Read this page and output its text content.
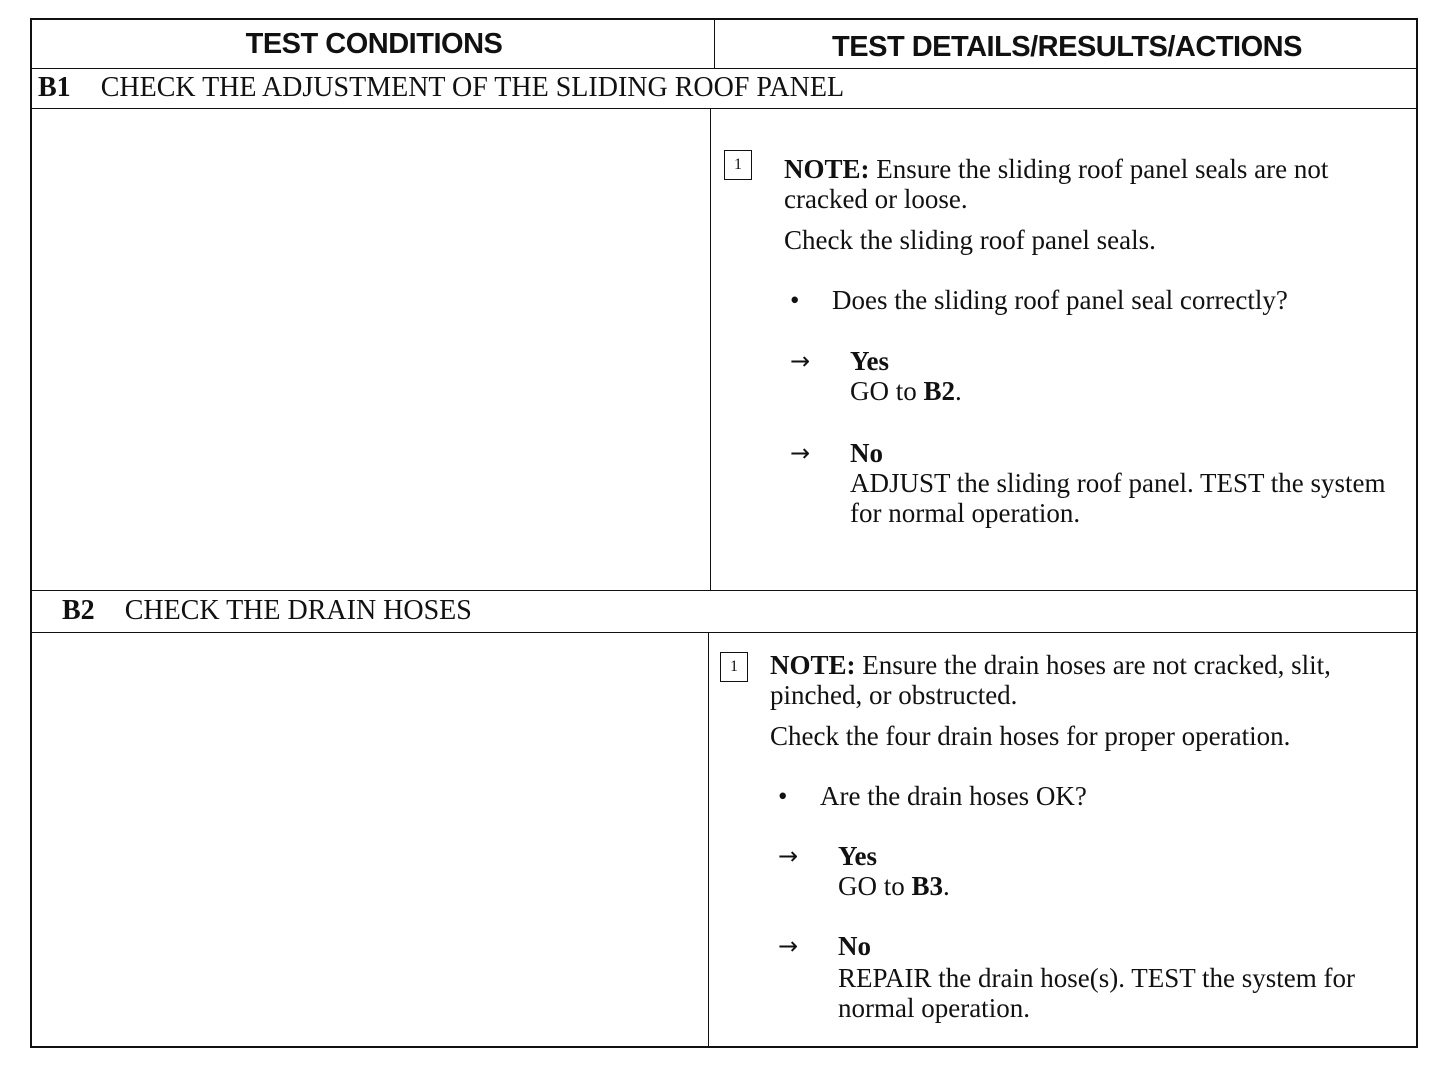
TEST CONDITIONS	TEST DETAILS/RESULTS/ACTIONS
B1 CHECK THE ADJUSTMENT OF THE SLIDING ROOF PANEL
1	NOTE: Ensure the sliding roof panel seals are not cracked or loose.
Check the sliding roof panel seals.
• Does the sliding roof panel seal correctly?
→ Yes
GO to B2.
→ No
ADJUST the sliding roof panel. TEST the system for normal operation.
B2 CHECK THE DRAIN HOSES
1	NOTE: Ensure the drain hoses are not cracked, slit, pinched, or obstructed.
Check the four drain hoses for proper operation.
• Are the drain hoses OK?
→ Yes
GO to B3.
→ No
REPAIR the drain hose(s). TEST the system for normal operation.
